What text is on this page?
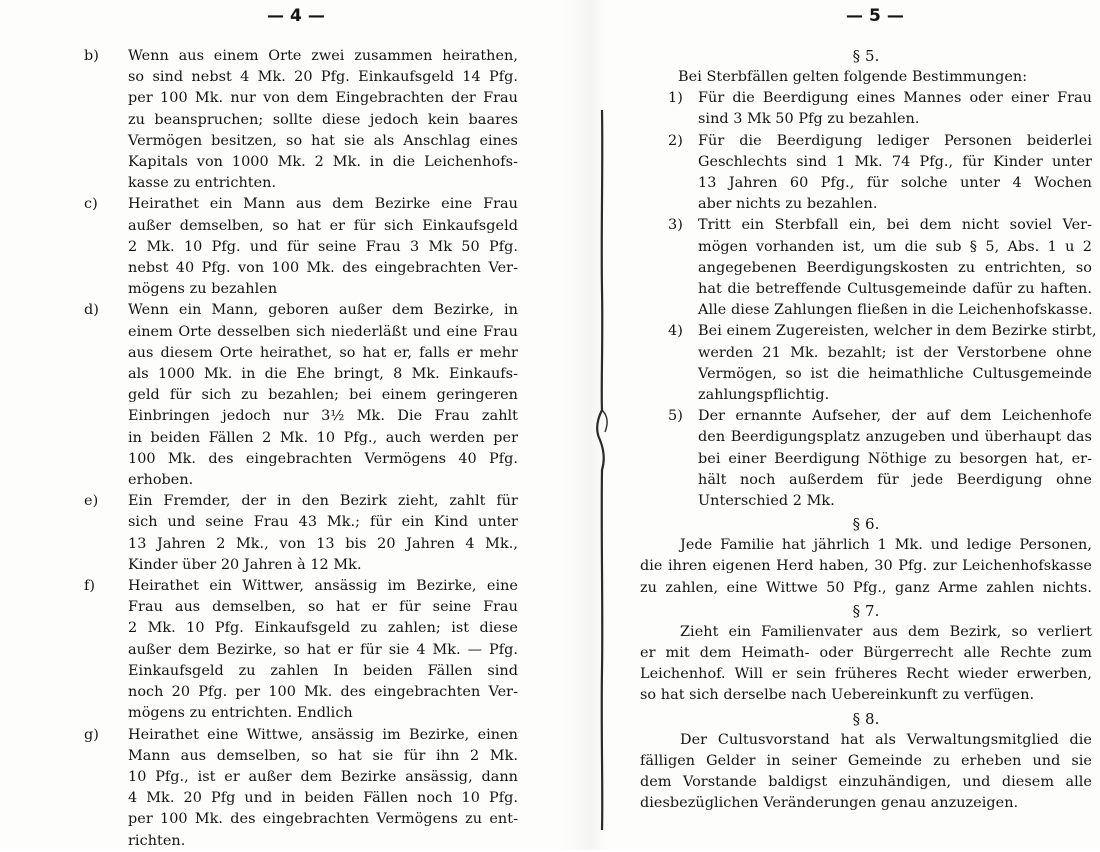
— 4 —
b)	Wenn aus einem Orte zwei zusammen heirathen,
so sind nebst 4 Mk. 20 Pfg. Einkaufsgeld 14 Pfg.
per 100 Mk. nur von dem Eingebrachten der Frau
zu beanspruchen; sollte diese jedoch kein baares
Vermögen besitzen, so hat sie als Anschlag eines
Kapitals von 1000 Mk. 2 Mk. in die Leichenhofs-
kasse zu entrichten.
c)	Heirathet ein Mann aus dem Bezirke eine Frau
außer demselben, so hat er für sich Einkaufsgeld
2 Mk. 10 Pfg. und für seine Frau 3 Mk 50 Pfg.
nebst 40 Pfg. von 100 Mk. des eingebrachten Ver-
mögens zu bezahlen
d)	Wenn ein Mann, geboren außer dem Bezirke, in
einem Orte desselben sich niederläßt und eine Frau
aus diesem Orte heirathet, so hat er, falls er mehr
als 1000 Mk. in die Ehe bringt, 8 Mk. Einkaufs-
geld für sich zu bezahlen; bei einem geringeren
Einbringen jedoch nur 3½ Mk. Die Frau zahlt
in beiden Fällen 2 Mk. 10 Pfg., auch werden per
100 Mk. des eingebrachten Vermögens 40 Pfg.
erhoben.
e)	Ein Fremder, der in den Bezirk zieht, zahlt für
sich und seine Frau 43 Mk.; für ein Kind unter
13 Jahren 2 Mk., von 13 bis 20 Jahren 4 Mk.,
Kinder über 20 Jahren à 12 Mk.
f)	Heirathet ein Wittwer, ansässig im Bezirke, eine
Frau aus demselben, so hat er für seine Frau
2 Mk. 10 Pfg. Einkaufsgeld zu zahlen; ist diese
außer dem Bezirke, so hat er für sie 4 Mk. — Pfg.
Einkaufsgeld zu zahlen In beiden Fällen sind
noch 20 Pfg. per 100 Mk. des eingebrachten Ver-
mögens zu entrichten. Endlich
g)	Heirathet eine Wittwe, ansässig im Bezirke, einen
Mann aus demselben, so hat sie für ihn 2 Mk.
10 Pfg., ist er außer dem Bezirke ansässig, dann
4 Mk. 20 Pfg und in beiden Fällen noch 10 Pfg.
per 100 Mk. des eingebrachten Vermögens zu ent-
richten.
— 5 —
§ 5.
Bei Sterbfällen gelten folgende Bestimmungen:
1)	Für die Beerdigung eines Mannes oder einer Frau
sind 3 Mk 50 Pfg zu bezahlen.
2)	Für die Beerdigung lediger Personen beiderlei
Geschlechts sind 1 Mk. 74 Pfg., für Kinder unter
13 Jahren 60 Pfg., für solche unter 4 Wochen
aber nichts zu bezahlen.
3)	Tritt ein Sterbfall ein, bei dem nicht soviel Ver-
mögen vorhanden ist, um die sub § 5, Abs. 1 u 2
angegebenen Beerdigungskosten zu entrichten, so
hat die betreffende Cultusgemeinde dafür zu haften.
Alle diese Zahlungen fließen in die Leichenhofskasse.
4)	Bei einem Zugereisten, welcher in dem Bezirke stirbt,
werden 21 Mk. bezahlt; ist der Verstorbene ohne
Vermögen, so ist die heimathliche Cultusgemeinde
zahlungspflichtig.
5)	Der ernannte Aufseher, der auf dem Leichenhofe
den Beerdigungsplatz anzugeben und überhaupt das
bei einer Beerdigung Nöthige zu besorgen hat, er-
hält noch außerdem für jede Beerdigung ohne
Unterschied 2 Mk.
§ 6.
Jede Familie hat jährlich 1 Mk. und ledige Personen,
die ihren eigenen Herd haben, 30 Pfg. zur Leichenhofskasse
zu zahlen, eine Wittwe 50 Pfg., ganz Arme zahlen nichts.
§ 7.
Zieht ein Familienvater aus dem Bezirk, so verliert
er mit dem Heimath- oder Bürgerrecht alle Rechte zum
Leichenhof. Will er sein früheres Recht wieder erwerben,
so hat sich derselbe nach Uebereinkunft zu verfügen.
§ 8.
Der Cultusvorstand hat als Verwaltungsmitglied die
fälligen Gelder in seiner Gemeinde zu erheben und sie
dem Vorstande baldigst einzuhändigen, und diesem alle
diesbezüglichen Veränderungen genau anzuzeigen.
